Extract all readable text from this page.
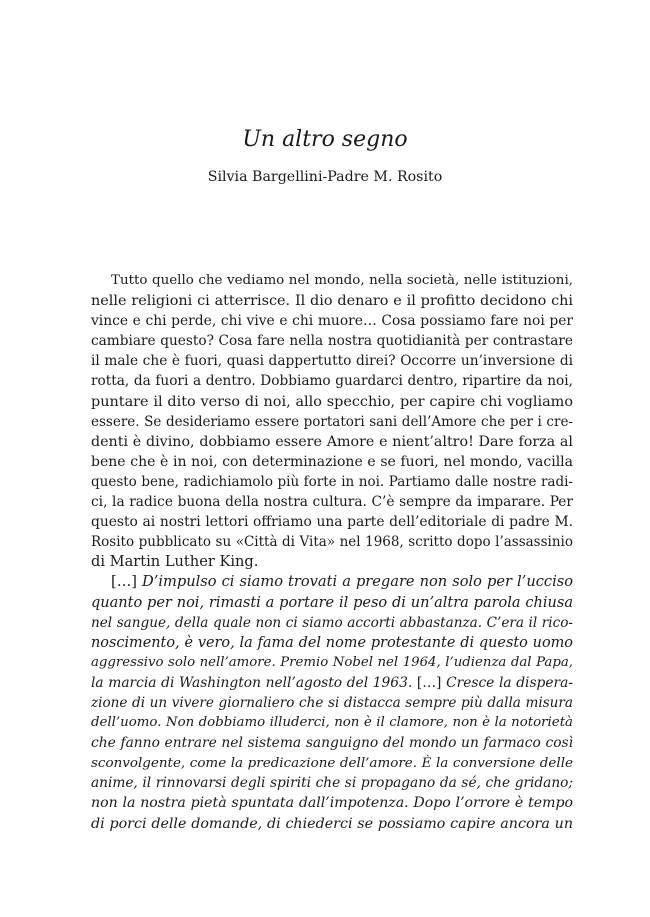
Un altro segno
Silvia Bargellini-Padre M. Rosito
Tutto quello che vediamo nel mondo, nella società, nelle istituzioni,
nelle religioni ci atterrisce. Il dio denaro e il profitto decidono chi
vince e chi perde, chi vive e chi muore… Cosa possiamo fare noi per
cambiare questo? Cosa fare nella nostra quotidianità per contrastare
il male che è fuori, quasi dappertutto direi? Occorre un’inversione di
rotta, da fuori a dentro. Dobbiamo guardarci dentro, ripartire da noi,
puntare il dito verso di noi, allo specchio, per capire chi vogliamo
essere. Se desideriamo essere portatori sani dell’Amore che per i cre-
denti è divino, dobbiamo essere Amore e nient’altro! Dare forza al
bene che è in noi, con determinazione e se fuori, nel mondo, vacilla
questo bene, radichiamolo più forte in noi. Partiamo dalle nostre radi-
ci, la radice buona della nostra cultura. C’è sempre da imparare. Per
questo ai nostri lettori offriamo una parte dell’editoriale di padre M.
Rosito pubblicato su «Città di Vita» nel 1968, scritto dopo l’assassinio
di Martin Luther King.
[…] D’impulso ci siamo trovati a pregare non solo per l’ucciso
quanto per noi, rimasti a portare il peso di un’altra parola chiusa
nel sangue, della quale non ci siamo accorti abbastanza. C’era il rico-
noscimento, è vero, la fama del nome protestante di questo uomo
aggressivo solo nell’amore. Premio Nobel nel 1964, l’udienza dal Papa,
la marcia di Washington nell’agosto del 1963. […] Cresce la dispera-
zione di un vivere giornaliero che si distacca sempre più dalla misura
dell’uomo. Non dobbiamo illuderci, non è il clamore, non è la notorietà
che fanno entrare nel sistema sanguigno del mondo un farmaco così
sconvolgente, come la predicazione dell’amore. È la conversione delle
anime, il rinnovarsi degli spiriti che si propagano da sé, che gridano;
non la nostra pietà spuntata dall’impotenza. Dopo l’orrore è tempo
di porci delle domande, di chiederci se possiamo capire ancora un
